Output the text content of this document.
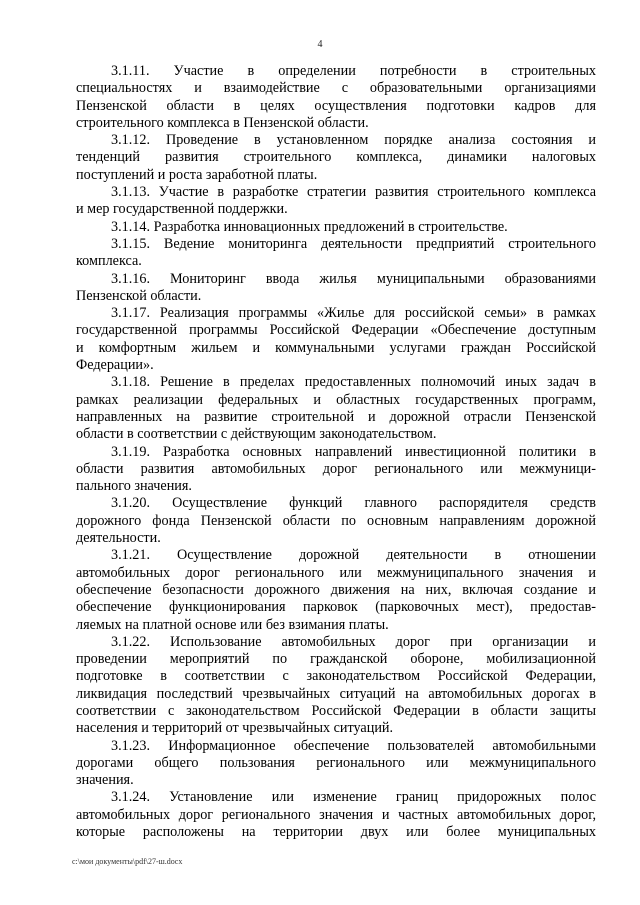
4
3.1.11. Участие в определении потребности в строительных
специальностях и взаимодействие с образовательными организациями
Пензенской области в целях осуществления подготовки кадров для
строительного комплекса в Пензенской области.
3.1.12. Проведение в установленном порядке анализа состояния и
тенденций развития строительного комплекса, динамики налоговых
поступлений и роста заработной платы.
3.1.13. Участие в разработке стратегии развития строительного комплекса
и мер государственной поддержки.
3.1.14. Разработка инновационных предложений в строительстве.
3.1.15. Ведение мониторинга деятельности предприятий строительного
комплекса.
3.1.16. Мониторинг ввода жилья муниципальными образованиями
Пензенской области.
3.1.17. Реализация программы «Жилье для российской семьи» в рамках
государственной программы Российской Федерации «Обеспечение доступным
и комфортным жильем и коммунальными услугами граждан Российской
Федерации».
3.1.18. Решение в пределах предоставленных полномочий иных задач в
рамках реализации федеральных и областных государственных программ,
направленных на развитие строительной и дорожной отрасли Пензенской
области в соответствии с действующим законодательством.
3.1.19. Разработка основных направлений инвестиционной политики в
области развития автомобильных дорог регионального или межмуници-
пального значения.
3.1.20. Осуществление функций главного распорядителя средств
дорожного фонда Пензенской области по основным направлениям дорожной
деятельности.
3.1.21. Осуществление дорожной деятельности в отношении
автомобильных дорог регионального или межмуниципального значения и
обеспечение безопасности дорожного движения на них, включая создание и
обеспечение функционирования парковок (парковочных мест), предостав-
ляемых на платной основе или без взимания платы.
3.1.22. Использование автомобильных дорог при организации и
проведении мероприятий по гражданской обороне, мобилизационной
подготовке в соответствии с законодательством Российской Федерации,
ликвидация последствий чрезвычайных ситуаций на автомобильных дорогах в
соответствии с законодательством Российской Федерации в области защиты
населения и территорий от чрезвычайных ситуаций.
3.1.23. Информационное обеспечение пользователей автомобильными
дорогами общего пользования регионального или межмуниципального
значения.
3.1.24. Установление или изменение границ придорожных полос
автомобильных дорог регионального значения и частных автомобильных дорог,
которые расположены на территории двух или более муниципальных
c:\мои документы\pdf\27-ш.docx
